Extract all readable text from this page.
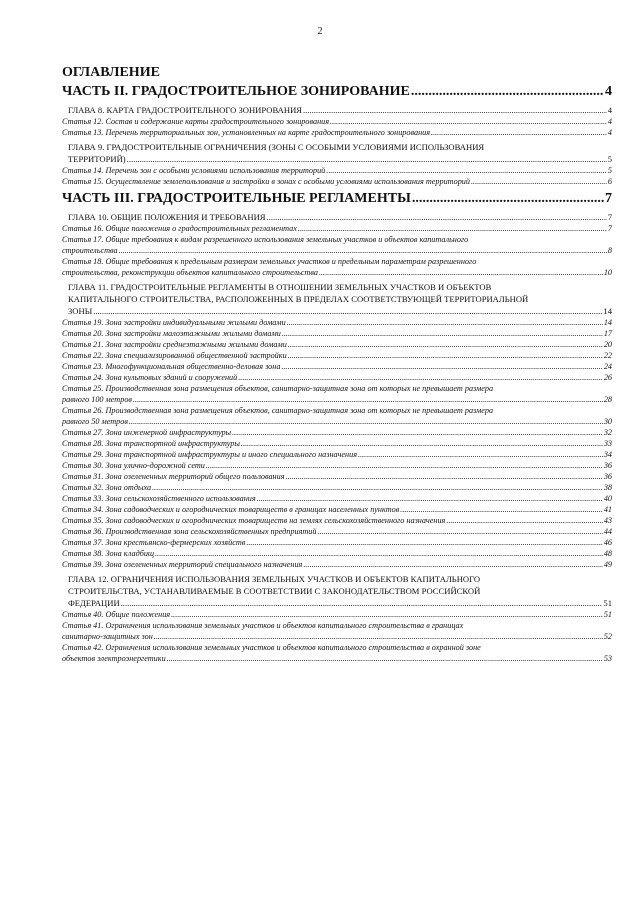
2
ОГЛАВЛЕНИЕ
ЧАСТЬ II. ГРАДОСТРОИТЕЛЬНОЕ ЗОНИРОВАНИЕ .....	4
ГЛАВА 8. КАРТА ГРАДОСТРОИТЕЛЬНОГО ЗОНИРОВАНИЯ .....	4
Статья 12. Состав и содержание карты градостроительного зонирования .....	4
Статья 13. Перечень территориальных зон, установленных на карте градостроительного зонирования .....	4
ГЛАВА 9. ГРАДОСТРОИТЕЛЬНЫЕ ОГРАНИЧЕНИЯ (ЗОНЫ С ОСОБЫМИ УСЛОВИЯМИ ИСПОЛЬЗОВАНИЯ
ТЕРРИТОРИЙ) .....	5
Статья 14. Перечень зон с особыми условиями использования территорий .....	5
Статья 15. Осуществление землепользования и застройки в зонах с особыми условиями использования территорий .....	6
ЧАСТЬ III. ГРАДОСТРОИТЕЛЬНЫЕ РЕГЛАМЕНТЫ .....	7
ГЛАВА 10. ОБЩИЕ ПОЛОЖЕНИЯ И ТРЕБОВАНИЯ .....	7
Статья 16. Общие положения о градостроительных регламентах .....	7
Статья 17. Общие требования к видам разрешенного использования земельных участков и объектов капитального
строительства .....	8
Статья 18. Общие требования к предельным размерам земельных участков и предельным параметрам разрешенного
строительства, реконструкции объектов капитального строительства .....	10
ГЛАВА 11. ГРАДОСТРОИТЕЛЬНЫЕ РЕГЛАМЕНТЫ В ОТНОШЕНИИ ЗЕМЕЛЬНЫХ УЧАСТКОВ И ОБЪЕКТОВ
КАПИТАЛЬНОГО СТРОИТЕЛЬСТВА, РАСПОЛОЖЕННЫХ В ПРЕДЕЛАХ СООТВЕТСТВУЮЩЕЙ ТЕРРИТОРИАЛЬНОЙ
ЗОНЫ .....	14
Статья 19. Зона застройки индивидуальными жилыми домами .....	14
Статья 20. Зона застройки малоэтажными жилыми домами .....	17
Статья 21. Зона застройки среднеэтажными жилыми домами .....	20
Статья 22. Зона специализированной общественной застройки .....	22
Статья 23. Многофункциональная общественно-деловая зона .....	24
Статья 24. Зона культовых зданий и сооружений .....	26
Статья 25. Производственная зона размещения объектов, санитарно-защитная зона от которых не превышает размера
равного 100 метров .....	28
Статья 26. Производственная зона размещения объектов, санитарно-защитная зона от которых не превышает размера
равного 50 метров .....	30
Статья 27. Зона инженерной инфраструктуры .....	32
Статья 28. Зона транспортной инфраструктуры .....	33
Статья 29. Зона транспортной инфраструктуры и иного специального назначения .....	34
Статья 30. Зона улично-дорожной сети .....	36
Статья 31. Зона озелененных территорий общего пользования .....	36
Статья 32. Зона отдыха .....	38
Статья 33. Зона сельскохозяйственного использования .....	40
Статья 34. Зона садоводческих и огороднических товариществ в границах населенных пунктов .....	41
Статья 35. Зона садоводческих и огороднических товариществ на землях сельскохозяйственного назначения .....	43
Статья 36. Производственная зона сельскохозяйственных предприятий .....	44
Статья 37. Зона крестьянско-фермерских хозяйств .....	46
Статья 38. Зона кладбищ .....	48
Статья 39. Зона озелененных территорий специального назначения .....	49
ГЛАВА 12. ОГРАНИЧЕНИЯ ИСПОЛЬЗОВАНИЯ ЗЕМЕЛЬНЫХ УЧАСТКОВ И ОБЪЕКТОВ КАПИТАЛЬНОГО
СТРОИТЕЛЬСТВА, УСТАНАВЛИВАЕМЫЕ В СООТВЕТСТВИИ С ЗАКОНОДАТЕЛЬСТВОМ РОССИЙСКОЙ
ФЕДЕРАЦИИ .....	51
Статья 40. Общие положения .....	51
Статья 41. Ограничения использования земельных участков и объектов капитального строительства в границах
санитарно-защитных зон .....	52
Статья 42. Ограничения использования земельных участков и объектов капитального строительства в охранной зоне
объектов электроэнергетики .....	53
